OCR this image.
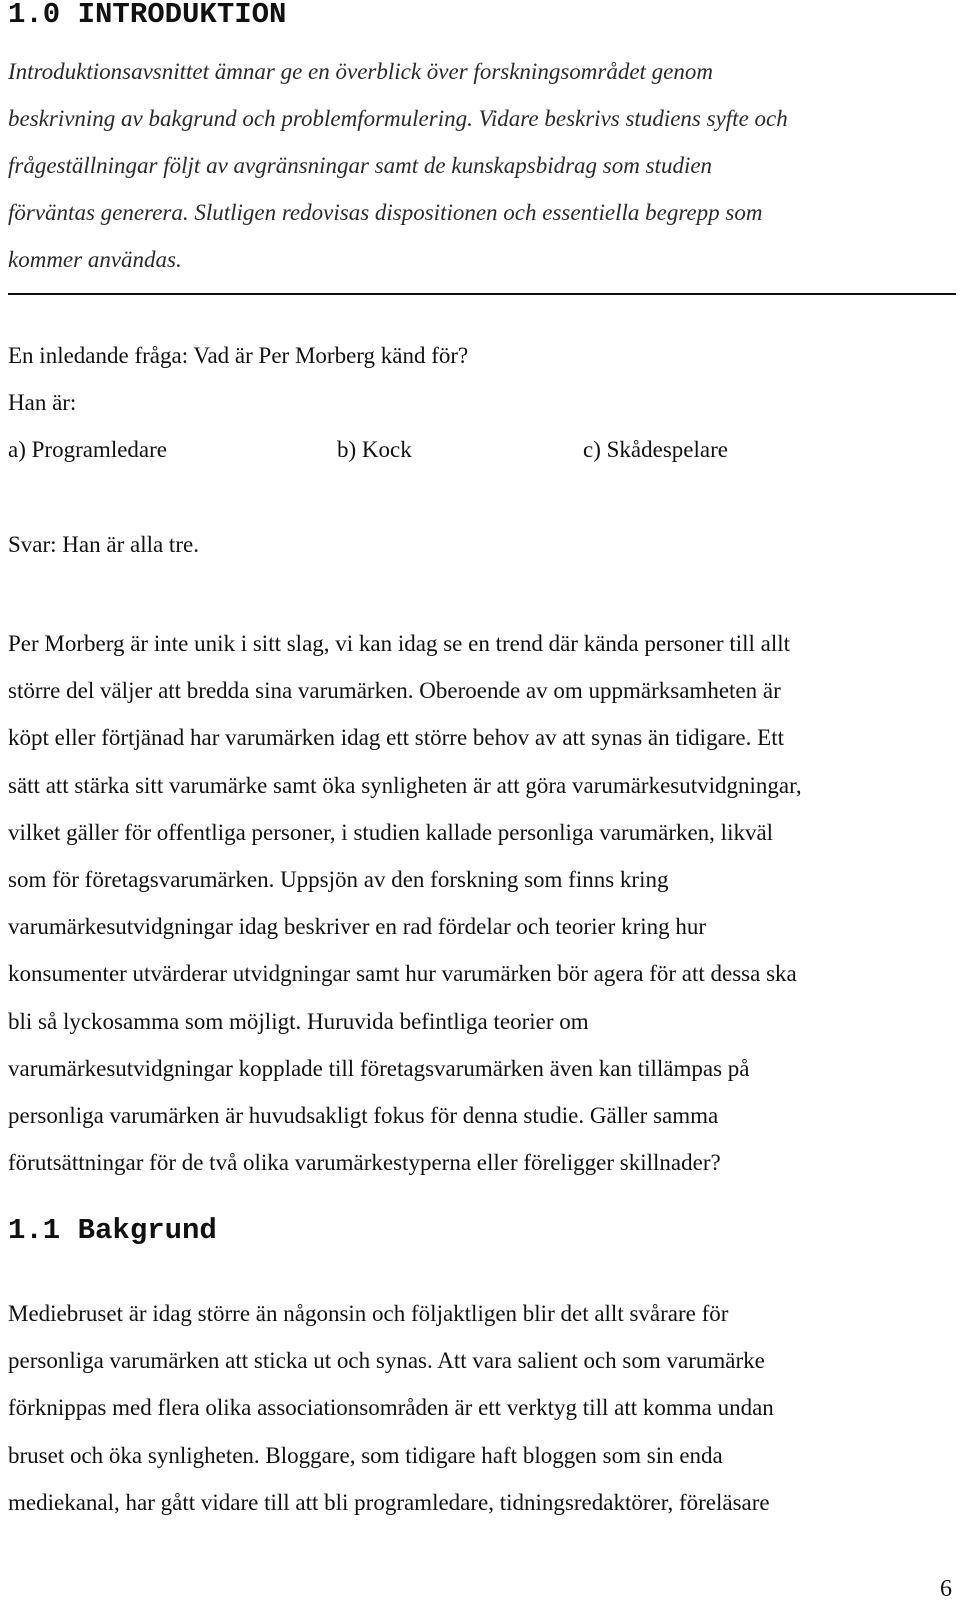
1.0 INTRODUKTION

Introduktionsavsnittet ämnar ge en överblick över forskningsområdet genom
beskrivning av bakgrund och problemformulering. Vidare beskrivs studiens syfte och
frågeställningar följt av avgränsningar samt de kunskapsbidrag som studien
förväntas generera. Slutligen redovisas dispositionen och essentiella begrepp som
kommer användas.

En inledande fråga: Vad är Per Morberg känd för?

Han är:

a) Programledare	b) Kock	c) Skådespelare

Svar: Han är alla tre.

Per Morberg är inte unik i sitt slag, vi kan idag se en trend där kända personer till allt
större del väljer att bredda sina varumärken. Oberoende av om uppmärksamheten är
köpt eller förtjänad har varumärken idag ett större behov av att synas än tidigare. Ett
sätt att stärka sitt varumärke samt öka synligheten är att göra varumärkesutvidgningar,
vilket gäller för offentliga personer, i studien kallade personliga varumärken, likväl
som för företagsvarumärken. Uppsjön av den forskning som finns kring
varumärkesutvidgningar idag beskriver en rad fördelar och teorier kring hur
konsumenter utvärderar utvidgningar samt hur varumärken bör agera för att dessa ska
bli så lyckosamma som möjligt. Huruvida befintliga teorier om
varumärkesutvidgningar kopplade till företagsvarumärken även kan tillämpas på
personliga varumärken är huvudsakligt fokus för denna studie. Gäller samma
förutsättningar för de två olika varumärkestyperna eller föreligger skillnader?

1.1 Bakgrund

Mediebruset är idag större än någonsin och följaktligen blir det allt svårare för
personliga varumärken att sticka ut och synas. Att vara salient och som varumärke
förknippas med flera olika associationsområden är ett verktyg till att komma undan
bruset och öka synligheten. Bloggare, som tidigare haft bloggen som sin enda
mediekanal, har gått vidare till att bli programledare, tidningsredaktörer, föreläsare

6
